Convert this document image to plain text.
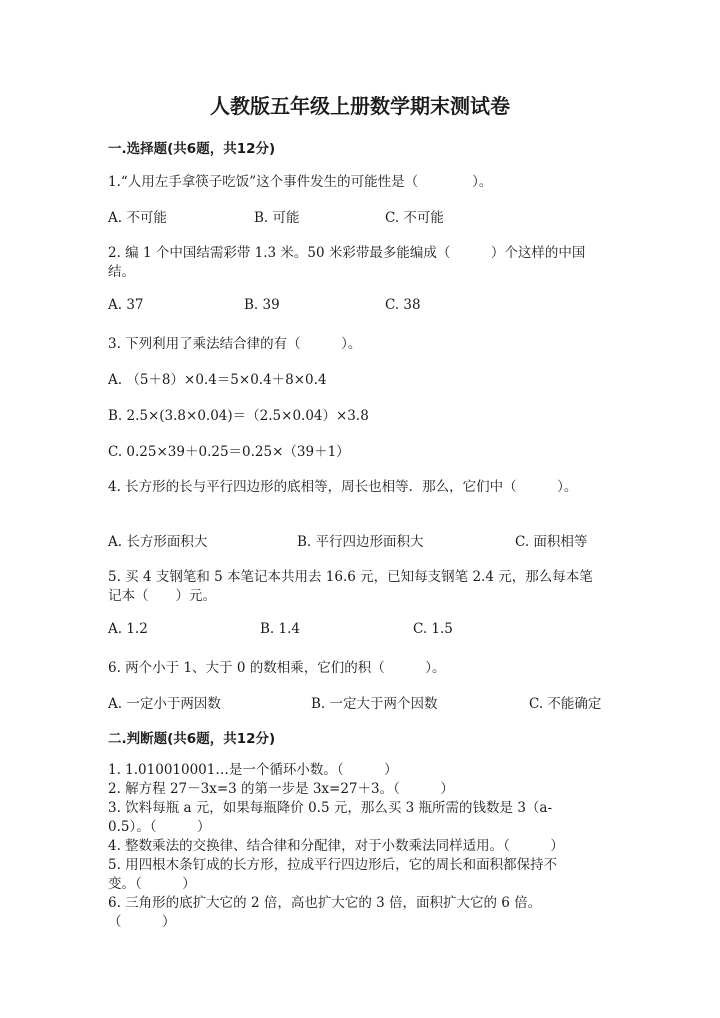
人教版五年级上册数学期末测试卷
一.选择题(共6题，共12分)
1.“人用左手拿筷子吃饭”这个事件发生的可能性是（　　　　）。
A. 不可能	B. 可能	C. 不可能
2. 编 1 个中国结需彩带 1.3 米。50 米彩带最多能编成（　　　）个这样的中国
结。
A. 37	B. 39	C. 38
3. 下列利用了乘法结合律的有（　　　）。
A. （5＋8）×0.4＝5×0.4＋8×0.4
B. 2.5×(3.8×0.04)＝（2.5×0.04）×3.8
C. 0.25×39＋0.25＝0.25×（39＋1）
4. 长方形的长与平行四边形的底相等，周长也相等．那么，它们中（　　　）。
A. 长方形面积大	B. 平行四边形面积大	C. 面积相等
5. 买 4 支钢笔和 5 本笔记本共用去 16.6 元，已知每支钢笔 2.4 元，那么每本笔
记本（　　）元。
A. 1.2	B. 1.4	C. 1.5
6. 两个小于 1、大于 0 的数相乘，它们的积（　　　）。
A. 一定小于两因数	B. 一定大于两个因数	C. 不能确定
二.判断题(共6题，共12分)
1. 1.010010001…是一个循环小数。（　　　）
2. 解方程 27－3x=3 的第一步是 3x=27＋3。（　　　）
3. 饮料每瓶 a 元，如果每瓶降价 0.5 元，那么买 3 瓶所需的钱数是 3（a-
0.5）。（　　　）
4. 整数乘法的交换律、结合律和分配律，对于小数乘法同样适用。（　　　）
5. 用四根木条钉成的长方形，拉成平行四边形后，它的周长和面积都保持不
变。（　　　）
6. 三角形的底扩大它的 2 倍，高也扩大它的 3 倍，面积扩大它的 6 倍。
（　　　）
